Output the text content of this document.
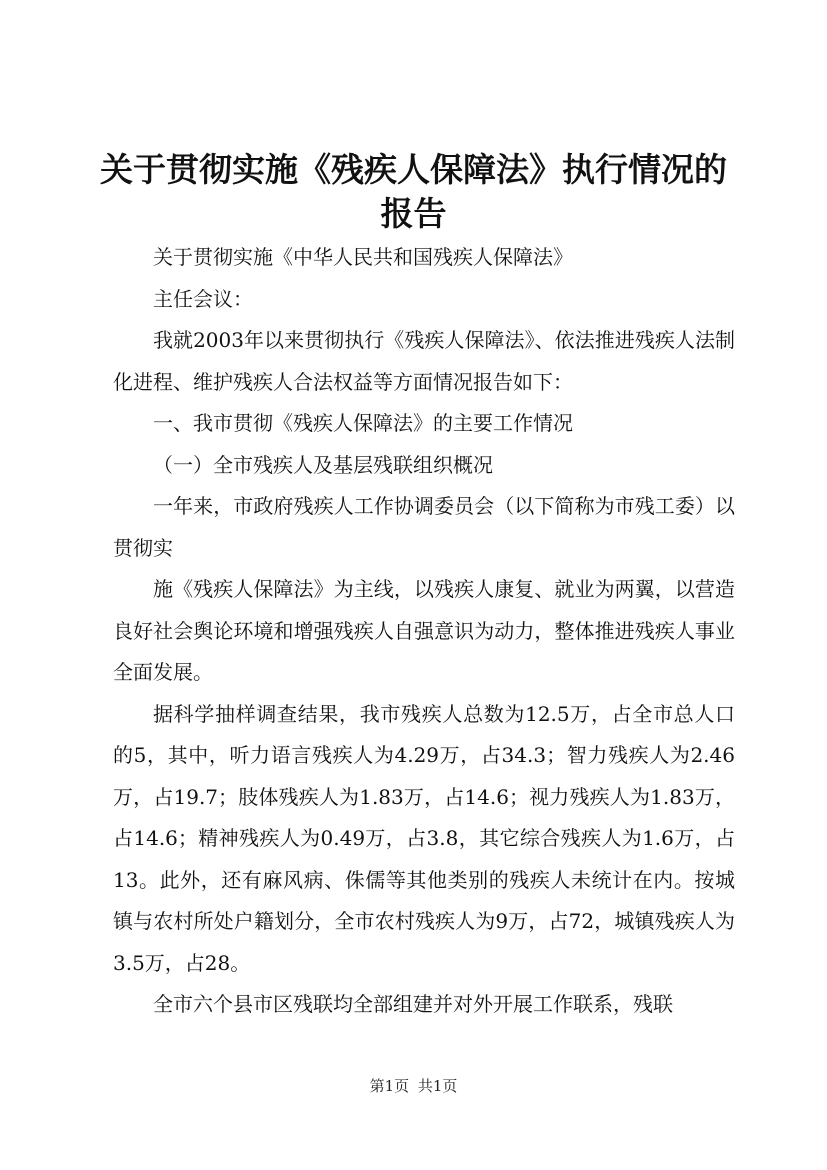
关于贯彻实施《残疾人保障法》执行情况的报告

关于贯彻实施《中华人民共和国残疾人保障法》

主任会议：

我就2003年以来贯彻执行《残疾人保障法》、依法推进残疾人法制化进程、维护残疾人合法权益等方面情况报告如下：

一、我市贯彻《残疾人保障法》的主要工作情况

（一）全市残疾人及基层残联组织概况

一年来，市政府残疾人工作协调委员会（以下简称为市残工委）以贯彻实

施《残疾人保障法》为主线，以残疾人康复、就业为两翼，以营造良好社会舆论环境和增强残疾人自强意识为动力，整体推进残疾人事业全面发展。

据科学抽样调查结果，我市残疾人总数为12.5万，占全市总人口的5，其中，听力语言残疾人为4.29万，占34.3；智力残疾人为2.46万，占19.7；肢体残疾人为1.83万，占14.6；视力残疾人为1.83万，占14.6；精神残疾人为0.49万，占3.8，其它综合残疾人为1.6万，占13。此外，还有麻风病、侏儒等其他类别的残疾人未统计在内。按城镇与农村所处户籍划分，全市农村残疾人为9万，占72，城镇残疾人为3.5万，占28。

全市六个县市区残联均全部组建并对外开展工作联系，残联

第1页 共1页
